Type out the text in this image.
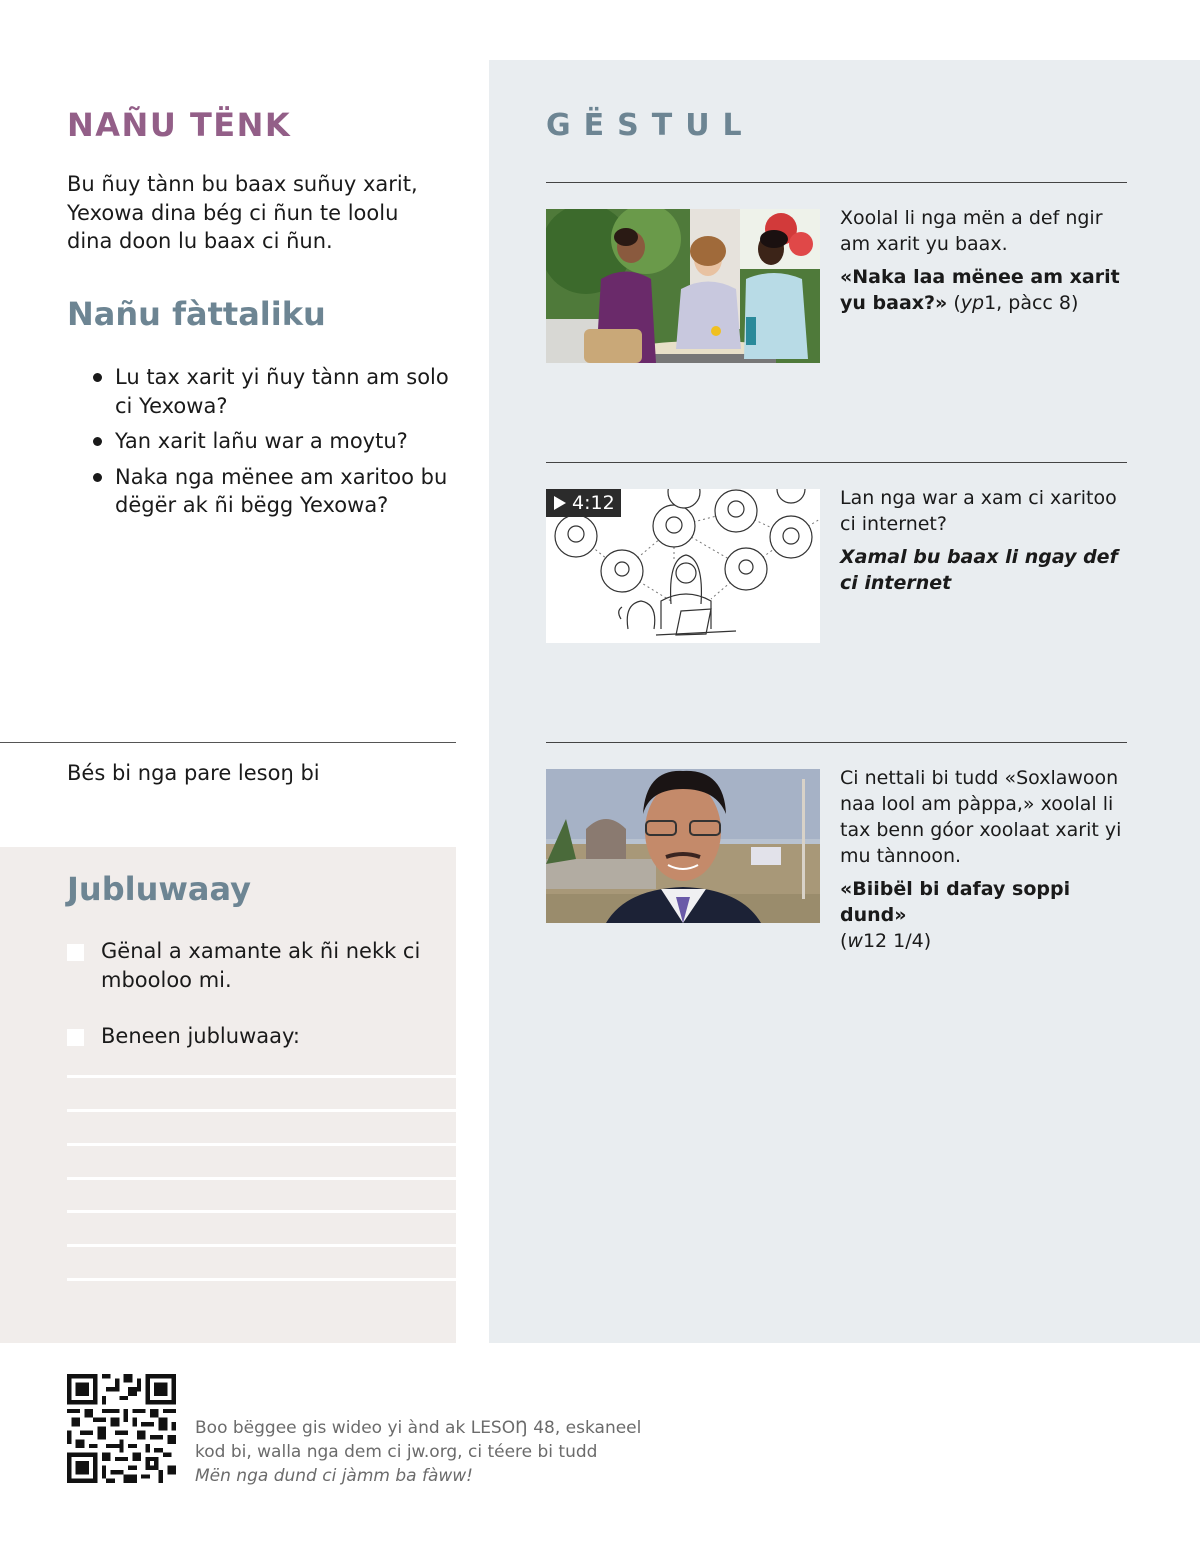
NAÑU TËNK

Bu ñuy tànn bu baax suñuy xarit, Yexowa dina bég ci ñun te loolu dina doon lu baax ci ñun.

Nañu fàttaliku
Lu tax xarit yi ñuy tànn am solo ci Yexowa?
Yan xarit lañu war a moytu?
Naka nga mënee am xaritoo bu dëgër ak ñi bëgg Yexowa?
Bés bi nga pare lesoŋ bi
Jubluwaay
Gënal a xamante ak ñi nekk ci mbooloo mi.
Beneen jubluwaay:
GËSTUL
Xoolal li nga mën a def ngir am xarit yu baax.
«Naka laa mënee am xarit yu baax?» (yp1, pàcc 8)
4:12	Lan nga war a xam ci xaritoo ci internet?
Xamal bu baax li ngay def ci internet
Ci nettali bi tudd «Soxlawoon naa lool am pàppa,» xoolal li tax benn góor xoolaat xarit yi mu tànnoon.
«Biibël bi dafay soppi dund»
(w12 1/4)
Boo bëggee gis wideo yi ànd ak LESOŊ 48, eskaneel
kod bi, walla nga dem ci jw.org, ci téere bi tudd
Mën nga dund ci jàmm ba fàww!
